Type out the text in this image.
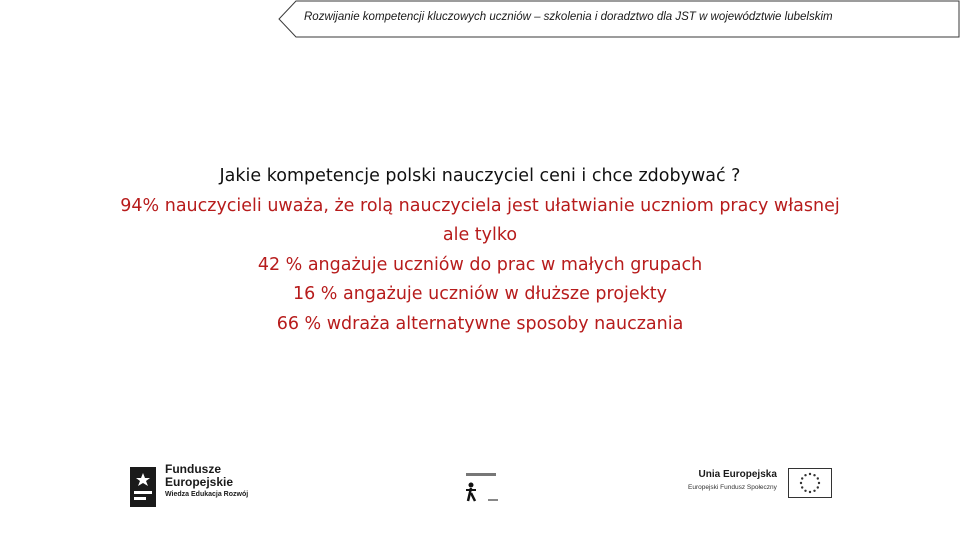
Rozwijanie kompetencji kluczowych uczniów – szkolenia i doradztwo dla JST w województwie lubelskim
Jakie kompetencje polski nauczyciel ceni i chce zdobywać ?
94% nauczycieli uważa, że rolą nauczyciela jest ułatwianie uczniom pracy własnej
ale tylko
42 % angażuje uczniów do prac w małych grupach
16 % angażuje uczniów w dłuższe projekty
66 % wdraża alternatywne sposoby nauczania
Fundusze
Europejskie
Wiedza Edukacja Rozwój
Unia Europejska
Europejski Fundusz Społeczny
